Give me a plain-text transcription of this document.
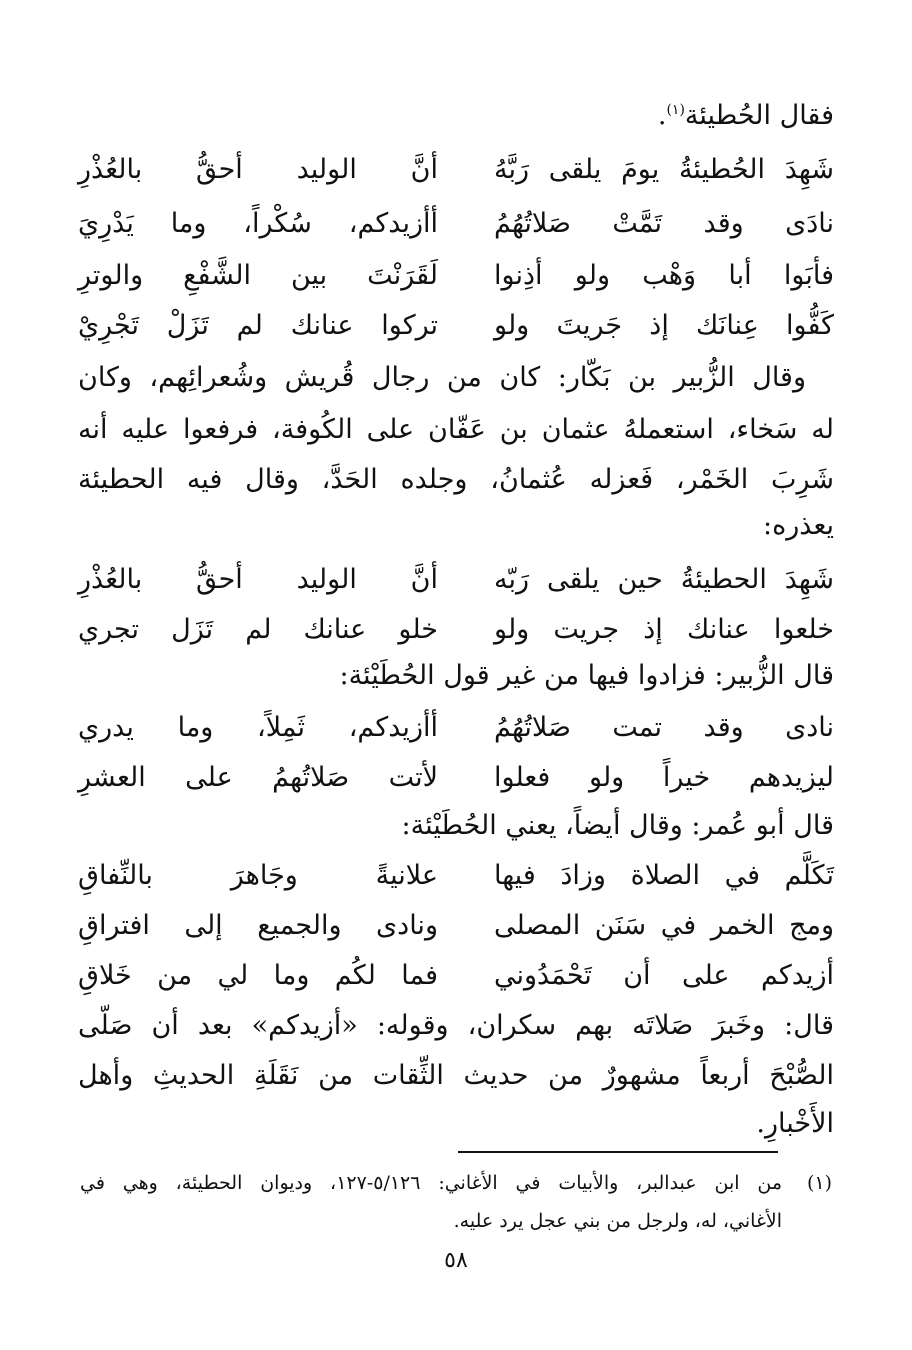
فقال الحُطيئة$^{(١)}$.
شَهِدَ الحُطيئةُ يومَ يلقى رَبَّهُ
أنَّ الوليد أحقُّ بالعُذْرِ
نادَى وقد تَمَّتْ صَلاتُهُمُ
أأزيدكم، سُكْراً، وما يَدْرِيَ
فأبَوا أبا وَهْب ولو أذِنوا
لَقَرَنْتَ بين الشَّفْعِ والوترِ
كَفُّوا عِنانَك إذ جَريتَ ولو
تركوا عنانك لم تَزَلْ تَجْرِيْ
وقال الزُّبير بن بَكّار: كان من رجال قُريش وشُعرائِهم، وكان
له سَخاء، استعملهُ عثمان بن عَفّان على الكُوفة، فرفعوا عليه أنه
شَرِبَ الخَمْر، فَعزله عُثمانُ، وجلده الحَدَّ، وقال فيه الحطيئة
يعذره:
شَهِدَ الحطيئةُ حين يلقى رَبّه
أنَّ الوليد أحقُّ بالعُذْرِ
خلعوا عنانك إذ جريت ولو
خلو عنانك لم تَزَل تجري
قال الزُّبير: فزادوا فيها من غير قول الحُطَيْئة:
نادى وقد تمت صَلاتُهُمُ
أأزيدكم، ثَمِلاً، وما يدري
ليزيدهم خيراً ولو فعلوا
لأتت صَلاتُهمُ على العشرِ
قال أبو عُمر: وقال أيضاً، يعني الحُطَيْئة:
تَكَلَّم في الصلاة وزادَ فيها
علانيةً وجَاهرَ بالنِّفاقِ
ومج الخمر في سَنَن المصلى
ونادى والجميع إلى افتراقِ
أزيدكم على أن تَحْمَدُوني
فما لكُم وما لي من خَلاقِ
قال: وخَبرَ صَلاتَه بهم سكران، وقوله: «أزيدكم» بعد أن صَلّى
الصُّبْحَ أربعاً مشهورٌ من حديث الثِّقات من نَقَلَةِ الحديثِ وأهل
الأَخْبارِ.
(١)
من ابن عبدالبر، والأبيات في الأغاني: ٥/١٢٦-١٢٧، وديوان الحطيئة، وهي في
الأغاني، له، ولرجل من بني عجل يرد عليه.
٥٨
